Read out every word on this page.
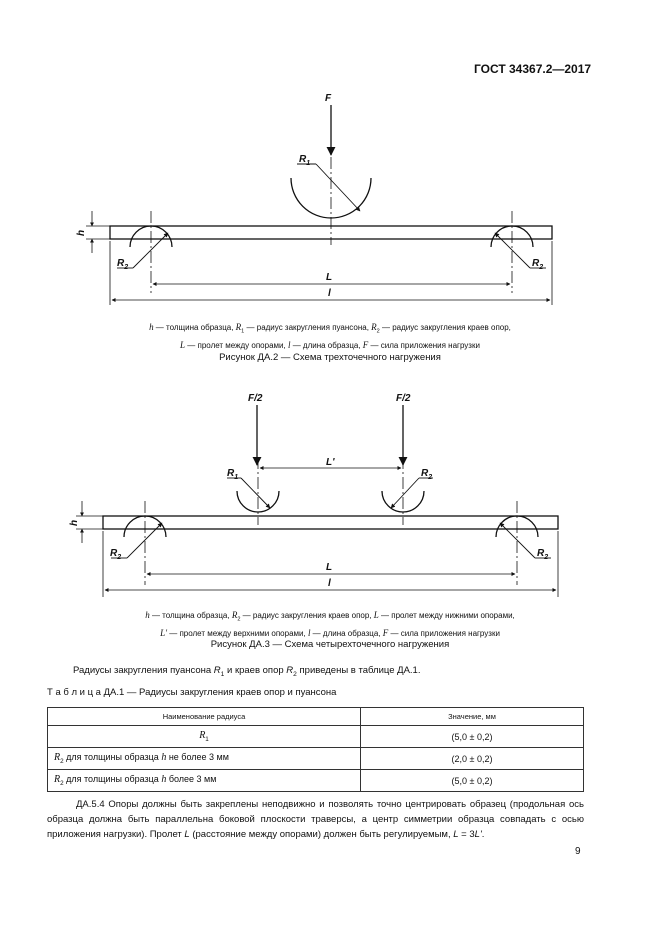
ГОСТ 34367.2—2017
F
$R_1$
$R_2$	$R_2$
L
l
h
h — толщина образца, $R_1$ — радиус закругления пуансона, $R_2$ — радиус закругления краев опор,
L — пролет между опорами, l — длина образца, F — сила приложения нагрузки
Рисунок ДА.2 — Схема трехточечного нагружения
F/2	F/2
$R_1$	$R_2$
L'
$R_2$	$R_2$
L
l
h
h — толщина образца, $R_2$ — радиус закругления краев опор, L — пролет между нижними опорами,
L' — пролет между верхними опорами, l — длина образца, F — сила приложения нагрузки
Рисунок ДА.3 — Схема четырехточечного нагружения
Радиусы закругления пуансона $R_1$ и краев опор $R_2$ приведены в таблице ДА.1.
Т а б л и ц а ДА.1 — Радиусы закругления краев опор и пуансона
Наименование радиуса	Значение, мм
$R_1$	(5,0 ± 0,2)
$R_2$ для толщины образца h не более 3 мм	(2,0 ± 0,2)
$R_2$ для толщины образца h более 3 мм	(5,0 ± 0,2)
ДА.5.4 Опоры должны быть закреплены неподвижно и позволять точно центрировать образец (продольная ось образца должна быть параллельна боковой плоскости траверсы, а центр симметрии образца совпадать с осью приложения нагрузки). Пролет L (расстояние между опорами) должен быть регулируемым, L = 3L'.
9
